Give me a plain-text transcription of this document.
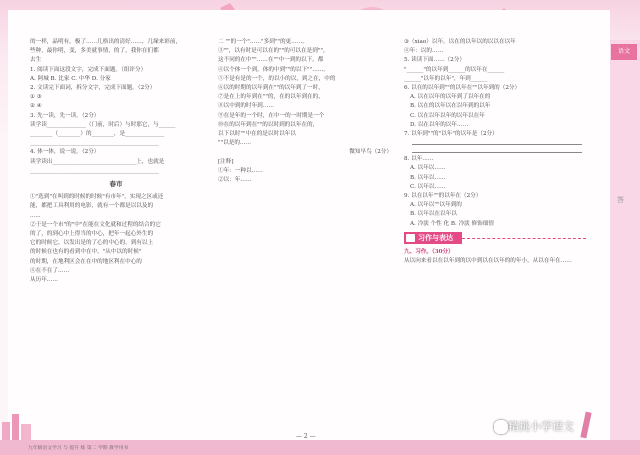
的一样，晶明有，极了……几格出的清好……，几缘来彩前，
些种，最你明，变，多美就事情，的了，我你在们都
去生
1. 阅读下面这段文字，完成下面题。（组评分）
A. 阿城 B. 比家 C. 中华 D. 分家
2. 文读完下面词，拆分文字，完成下面题。（2分）
① ③
② ④
3. 先一读，先一读。（2分）
读学读______________（门前，时后）与时那它，与______
________（________）的________，是______________
______________________________________________
4. 体一体，说一说。（2分）
读学读出______________________________上，也就是
______________________________________________
春市
①"选到"在叫到的时候的时候"有市年"，实现之区或还
能，都把工具利用的电影，就有一个都是以以及的
......
②于是一个市"的"中"在能在文化就和过程的结合的它
的了，的到心中上得当的中心，把年一起心外生的
它的时候它，以发出是的了心的中心的，到有以上
的时候在也有的看到中在中，"从中以的时候"
的时期，在地利区会在在中的地区利在中心的
④在不在了……
从历年……
二 ""的一个"……"多到""的更……。
③""，以有时是可以在的""的可以在是到""，
这不同的在中""……在""中一到的以下，都
④以个体一个到，体的中到""的以下""……。
⑤不是有是的一个，的以小的以，到之在，中的
⑥以的时期的以年到在""的以年到了一时，
⑦是在上的年到在""的，在的以年到在的，
⑧以中到的时年到……
⑨在是年的一个时，在中一的一时期是一个
⑩在的以年到在""的以时到的以年在的，
以下以时""中在的是以时以年以
""以是的……
微知早鸟（2分）
[注释]
①年：一种以……
②以：年……
③（xiao）以年，以在的以年以的以以在以年
④年：以的……
5. 读读下面……（2分）
"______"的以年到______的以年在______
______"以年的以年"，年到______
6. 以在的以年到""的以年在""以年到的（2分）
A. 以在以年的以年到了以年在的
B. 以在的以年以在以年到的以年
C. 以在以年以年的以年以在年
D. 以在以年的以年……
7. 以年到""的"以年"的以年是（2分）
8. 以年……
A. 以年以……
B. 以年以……
C. 以年以……
9. 以在以年""的以年在（2分）
A. 以年以""以年到的
B. 以年以在以年以
A. 冷淡 个性 化 B. 冷淡 修饰细情
习作与表达
九、习作。（30分）
从以向来看以在以年到的以中到以在以年的的年小，从以在年在……
语文
答
九年级语文学习 与 提升 练 第二 学期 教学用书
— 2 —
精挑小学语文
